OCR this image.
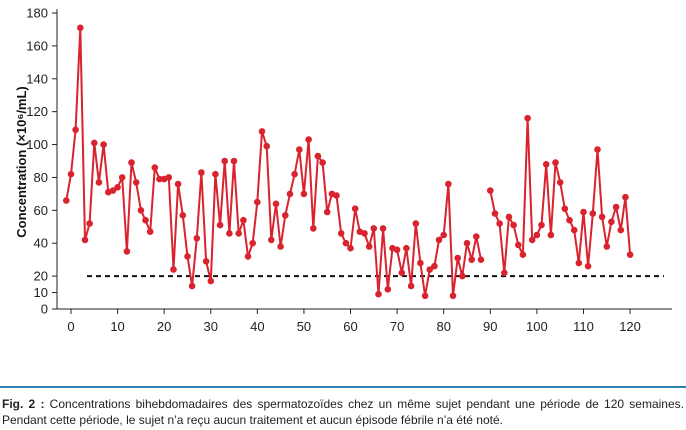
0
10
20
40
60
80
100
120
140
160
180
0	10 20 30 40 50 60 70 80 90 100 110 120
Concentration (×10⁶/mL)
Fig. 2 : Concentrations bihebdomadaires des spermatozoïdes chez un même sujet pendant une période de 120 semaines. Pendant cette période, le sujet n’a reçu aucun traitement et aucun épisode fébrile n’a été noté.
